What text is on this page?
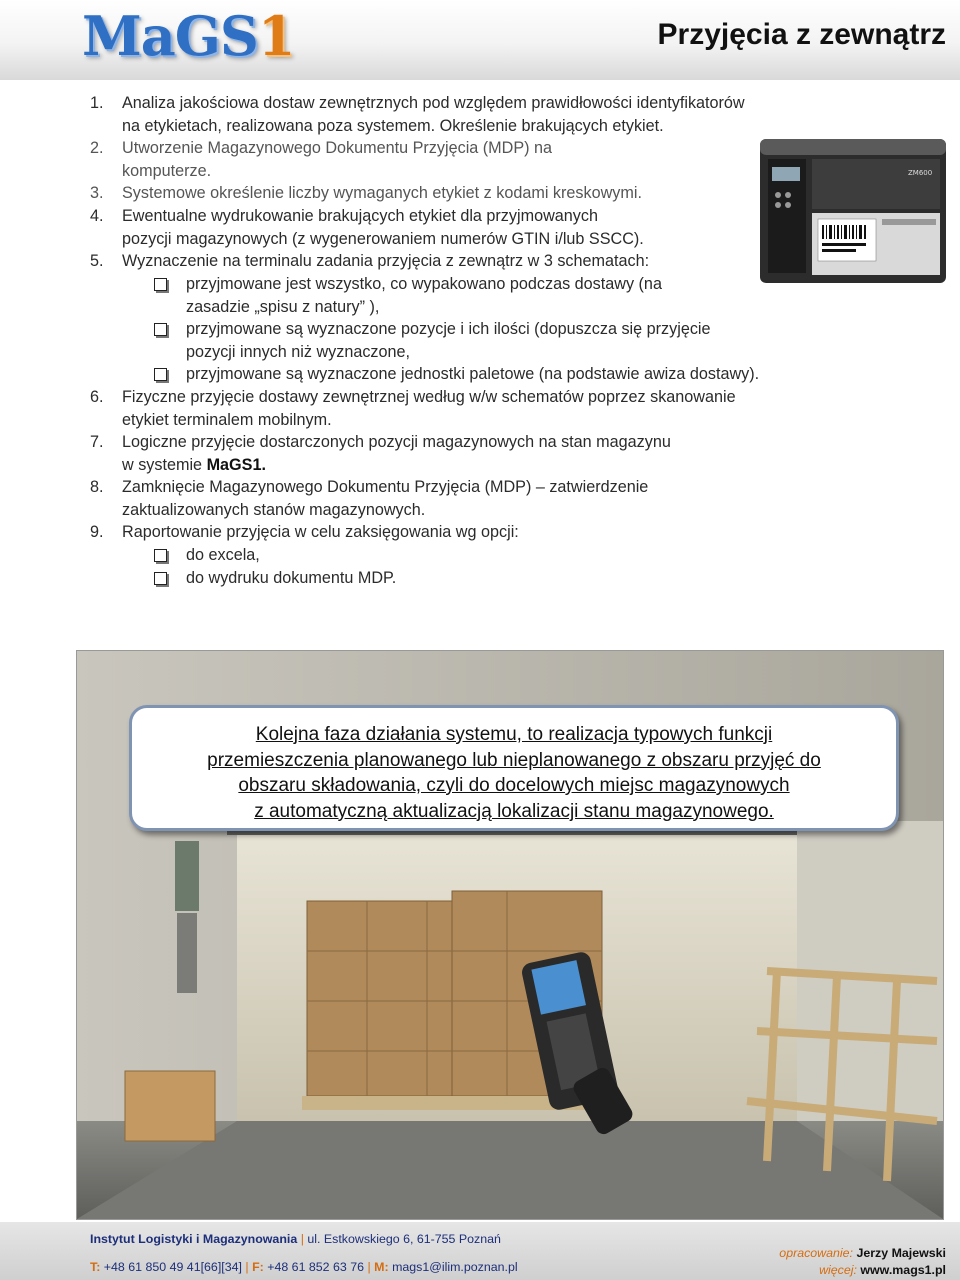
MaGS1	Przyjęcia z zewnątrz
1.	Analiza jakościowa dostaw zewnętrznych pod względem prawidłowości identyfikatorów
na etykietach, realizowana poza systemem. Określenie brakujących etykiet.
2.	Utworzenie Magazynowego Dokumentu Przyjęcia (MDP) na
komputerze.
3.	Systemowe określenie liczby wymaganych etykiet z kodami kreskowymi.
4.	Ewentualne wydrukowanie brakujących etykiet dla przyjmowanych
pozycji magazynowych (z wygenerowaniem numerów GTIN i/lub SSCC).
5.	Wyznaczenie na terminalu zadania przyjęcia z zewnątrz w 3 schematach:
przyjmowane jest wszystko, co wypakowano podczas dostawy (na
zasadzie „spisu z natury” ),
przyjmowane są wyznaczone pozycje i ich ilości (dopuszcza się przyjęcie
pozycji innych niż wyznaczone,
przyjmowane są wyznaczone jednostki paletowe (na podstawie awiza dostawy).
6.	Fizyczne przyjęcie dostawy zewnętrznej według w/w schematów poprzez skanowanie
etykiet terminalem mobilnym.
7.	Logiczne przyjęcie dostarczonych pozycji magazynowych na stan magazynu
w systemie MaGS1.
8.	Zamknięcie Magazynowego Dokumentu Przyjęcia (MDP) – zatwierdzenie
zaktualizowanych stanów magazynowych.
9.	Raportowanie przyjęcia w celu zaksięgowania wg opcji:
do excela,
do wydruku dokumentu MDP.
ZM600
Kolejna faza działania systemu, to realizacja typowych funkcji
przemieszczenia planowanego lub nieplanowanego z obszaru przyjęć do
obszaru składowania, czyli do docelowych miejsc magazynowych
z automatyczną aktualizacją lokalizacji stanu magazynowego.
Instytut Logistyki i Magazynowania | ul. Estkowskiego 6, 61-755 Poznań
T: +48 61 850 49 41[66][34] | F: +48 61 852 63 76 | M: mags1@ilim.poznan.pl
opracowanie: Jerzy Majewski
więcej: www.mags1.pl
